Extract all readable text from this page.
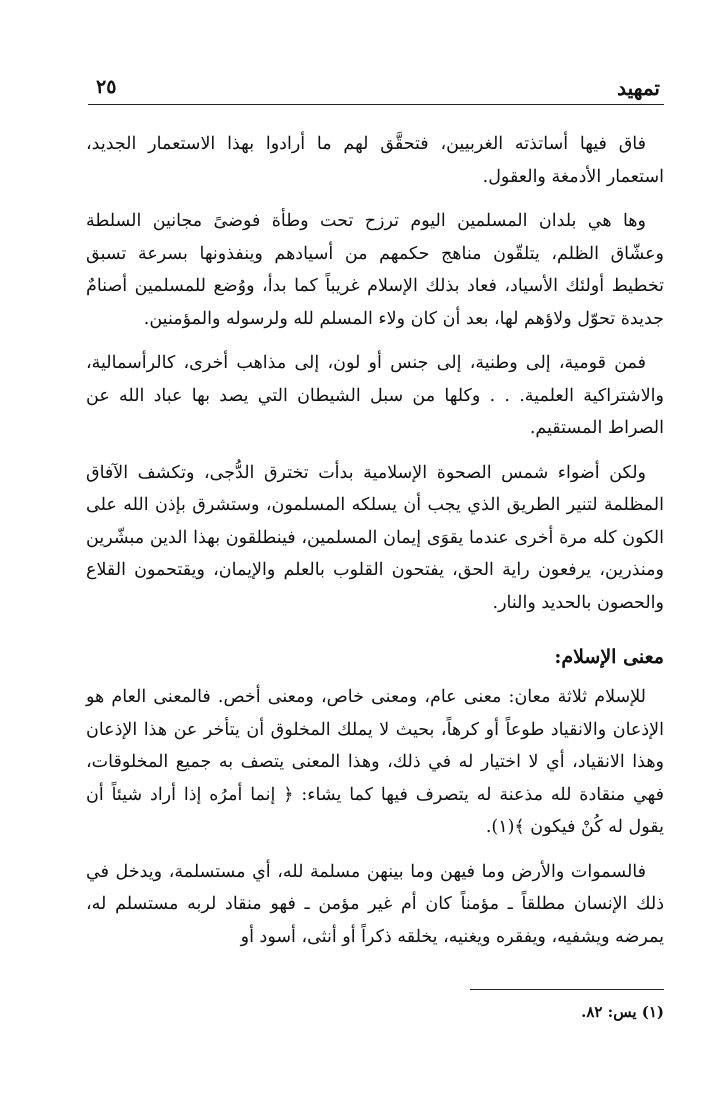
تمهيد
٢٥

فاق فيها أساتذته الغربيين، فتحقَّق لهم ما أرادوا بهذا الاستعمار الجديد، استعمار الأدمغة والعقول.

وها هي بلدان المسلمين اليوم ترزح تحت وطأة فوضىً مجانين السلطة وعشّاق الظلم، يتلقّون مناهج حكمهم من أسيادهم وينفذونها بسرعة تسبق تخطيط أولئك الأسياد، فعاد بذلك الإسلام غريباً كما بدأ، ووُضع للمسلمين أصنامٌ جديدة تحوّل ولاؤهم لها، بعد أن كان ولاء المسلم لله ولرسوله والمؤمنين.

فمن قومية، إلى وطنية، إلى جنس أو لون، إلى مذاهب أخرى، كالرأسمالية، والاشتراكية العلمية. . . وكلها من سبل الشيطان التي يصد بها عباد الله عن الصراط المستقيم.

ولكن أضواء شمس الصحوة الإسلامية بدأت تخترق الدُّجى، وتكشف الآفاق المظلمة لتنير الطريق الذي يجب أن يسلكه المسلمون، وستشرق بإذن الله على الكون كله مرة أخرى عندما يقوَى إيمان المسلمين، فينطلقون بهذا الدين مبشّرين ومنذرين، يرفعون راية الحق، يفتحون القلوب بالعلم والإيمان، ويقتحمون القلاع والحصون بالحديد والنار.

معنى الإسلام:

للإسلام ثلاثة معان: معنى عام، ومعنى خاص، ومعنى أخص. فالمعنى العام هو الإذعان والانقياد طوعاً أو كرهاً، بحيث لا يملك المخلوق أن يتأخر عن هذا الإذعان وهذا الانقياد، أي لا اختيار له في ذلك، وهذا المعنى يتصف به جميع المخلوقات، فهي منقادة لله مذعنة له يتصرف فيها كما يشاء: ﴿ إنما أمرُه إذا أراد شيئاً أن يقول له كُنْ فيكون ﴾(١).

فالسموات والأرض وما فيهن وما بينهن مسلمة لله، أي مستسلمة، ويدخل في ذلك الإنسان مطلقاً ـ مؤمناً كان أم غير مؤمن ـ فهو منقاد لربه مستسلم له، يمرضه ويشفيه، ويفقره ويغنيه، يخلقه ذكراً أو أنثى، أسود أو

(١) يس: ٨٢.
